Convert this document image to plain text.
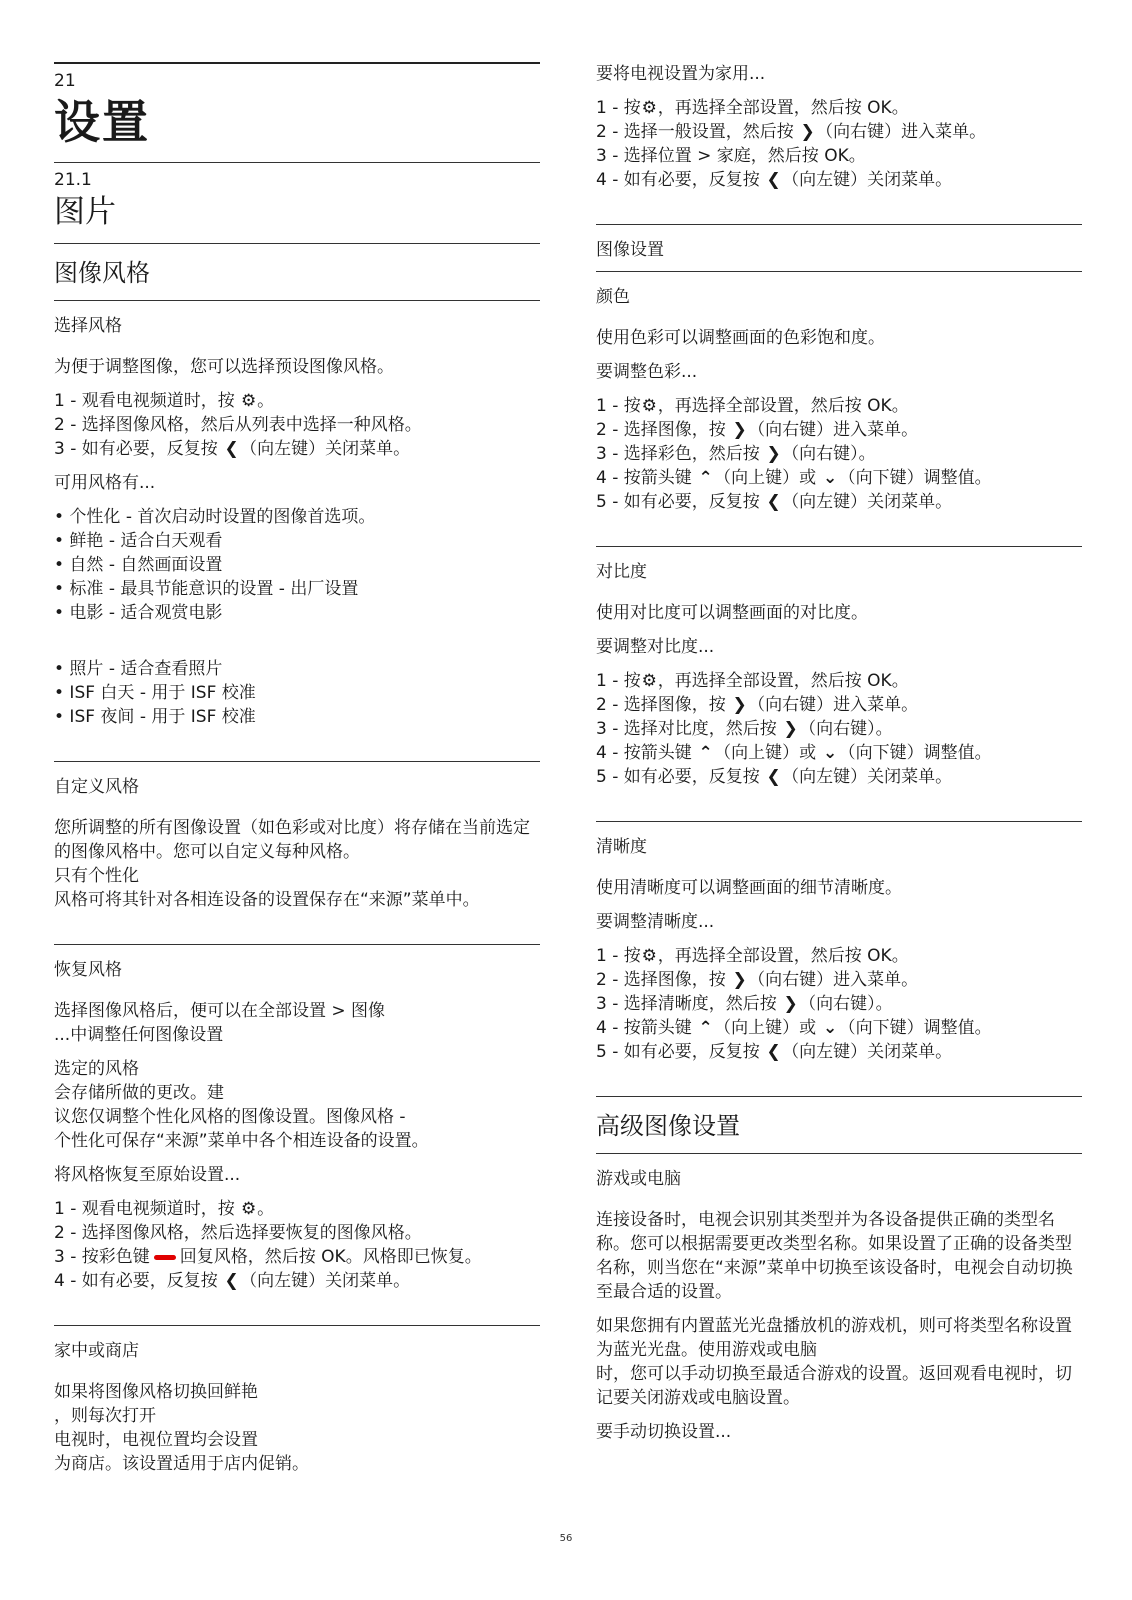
21
设置
21.1
图片
图像风格
选择风格
为便于调整图像，您可以选择预设图像风格。
1 - 观看电视频道时，按 ⚙。
2 - 选择图像风格，然后从列表中选择一种风格。
3 - 如有必要，反复按 ❮（向左键）关闭菜单。
可用风格有...
• 个性化 - 首次启动时设置的图像首选项。
• 鲜艳 - 适合白天观看
• 自然 - 自然画面设置
• 标准 - 最具节能意识的设置 - 出厂设置
• 电影 - 适合观赏电影
• 照片 - 适合查看照片
• ISF 白天 - 用于 ISF 校准
• ISF 夜间 - 用于 ISF 校准
自定义风格
您所调整的所有图像设置（如色彩或对比度）将存储在当前选定的图像风格中。您可以自定义每种风格。
只有个性化
风格可将其针对各相连设备的设置保存在“来源”菜单中。
恢复风格
选择图像风格后，便可以在全部设置 > 图像
...中调整任何图像设置
选定的风格
会存储所做的更改。建
议您仅调整个性化风格的图像设置。图像风格 -
个性化可保存“来源”菜单中各个相连设备的设置。
将风格恢复至原始设置...
1 - 观看电视频道时，按 ⚙。
2 - 选择图像风格，然后选择要恢复的图像风格。
3 - 按彩色键 回复风格，然后按 OK。风格即已恢复。
4 - 如有必要，反复按 ❮（向左键）关闭菜单。
家中或商店
如果将图像风格切换回鲜艳
，则每次打开
电视时，电视位置均会设置
为商店。该设置适用于店内促销。
要将电视设置为家用...
1 - 按⚙，再选择全部设置，然后按 OK。
2 - 选择一般设置，然后按 ❯（向右键）进入菜单。
3 - 选择位置 > 家庭，然后按 OK。
4 - 如有必要，反复按 ❮（向左键）关闭菜单。
图像设置
颜色
使用色彩可以调整画面的色彩饱和度。
要调整色彩...
1 - 按⚙，再选择全部设置，然后按 OK。
2 - 选择图像，按 ❯（向右键）进入菜单。
3 - 选择彩色，然后按 ❯（向右键）。
4 - 按箭头键 ⌃（向上键）或 ⌄（向下键）调整值。
5 - 如有必要，反复按 ❮（向左键）关闭菜单。
对比度
使用对比度可以调整画面的对比度。
要调整对比度...
1 - 按⚙，再选择全部设置，然后按 OK。
2 - 选择图像，按 ❯（向右键）进入菜单。
3 - 选择对比度，然后按 ❯（向右键）。
4 - 按箭头键 ⌃（向上键）或 ⌄（向下键）调整值。
5 - 如有必要，反复按 ❮（向左键）关闭菜单。
清晰度
使用清晰度可以调整画面的细节清晰度。
要调整清晰度...
1 - 按⚙，再选择全部设置，然后按 OK。
2 - 选择图像，按 ❯（向右键）进入菜单。
3 - 选择清晰度，然后按 ❯（向右键）。
4 - 按箭头键 ⌃（向上键）或 ⌄（向下键）调整值。
5 - 如有必要，反复按 ❮（向左键）关闭菜单。
高级图像设置
游戏或电脑
连接设备时，电视会识别其类型并为各设备提供正确的类型名称。您可以根据需要更改类型名称。如果设置了正确的设备类型名称，则当您在“来源”菜单中切换至该设备时，电视会自动切换至最合适的设置。
如果您拥有内置蓝光光盘播放机的游戏机，则可将类型名称设置为蓝光光盘。使用游戏或电脑
时，您可以手动切换至最适合游戏的设置。返回观看电视时，切记要关闭游戏或电脑设置。
要手动切换设置...
56
